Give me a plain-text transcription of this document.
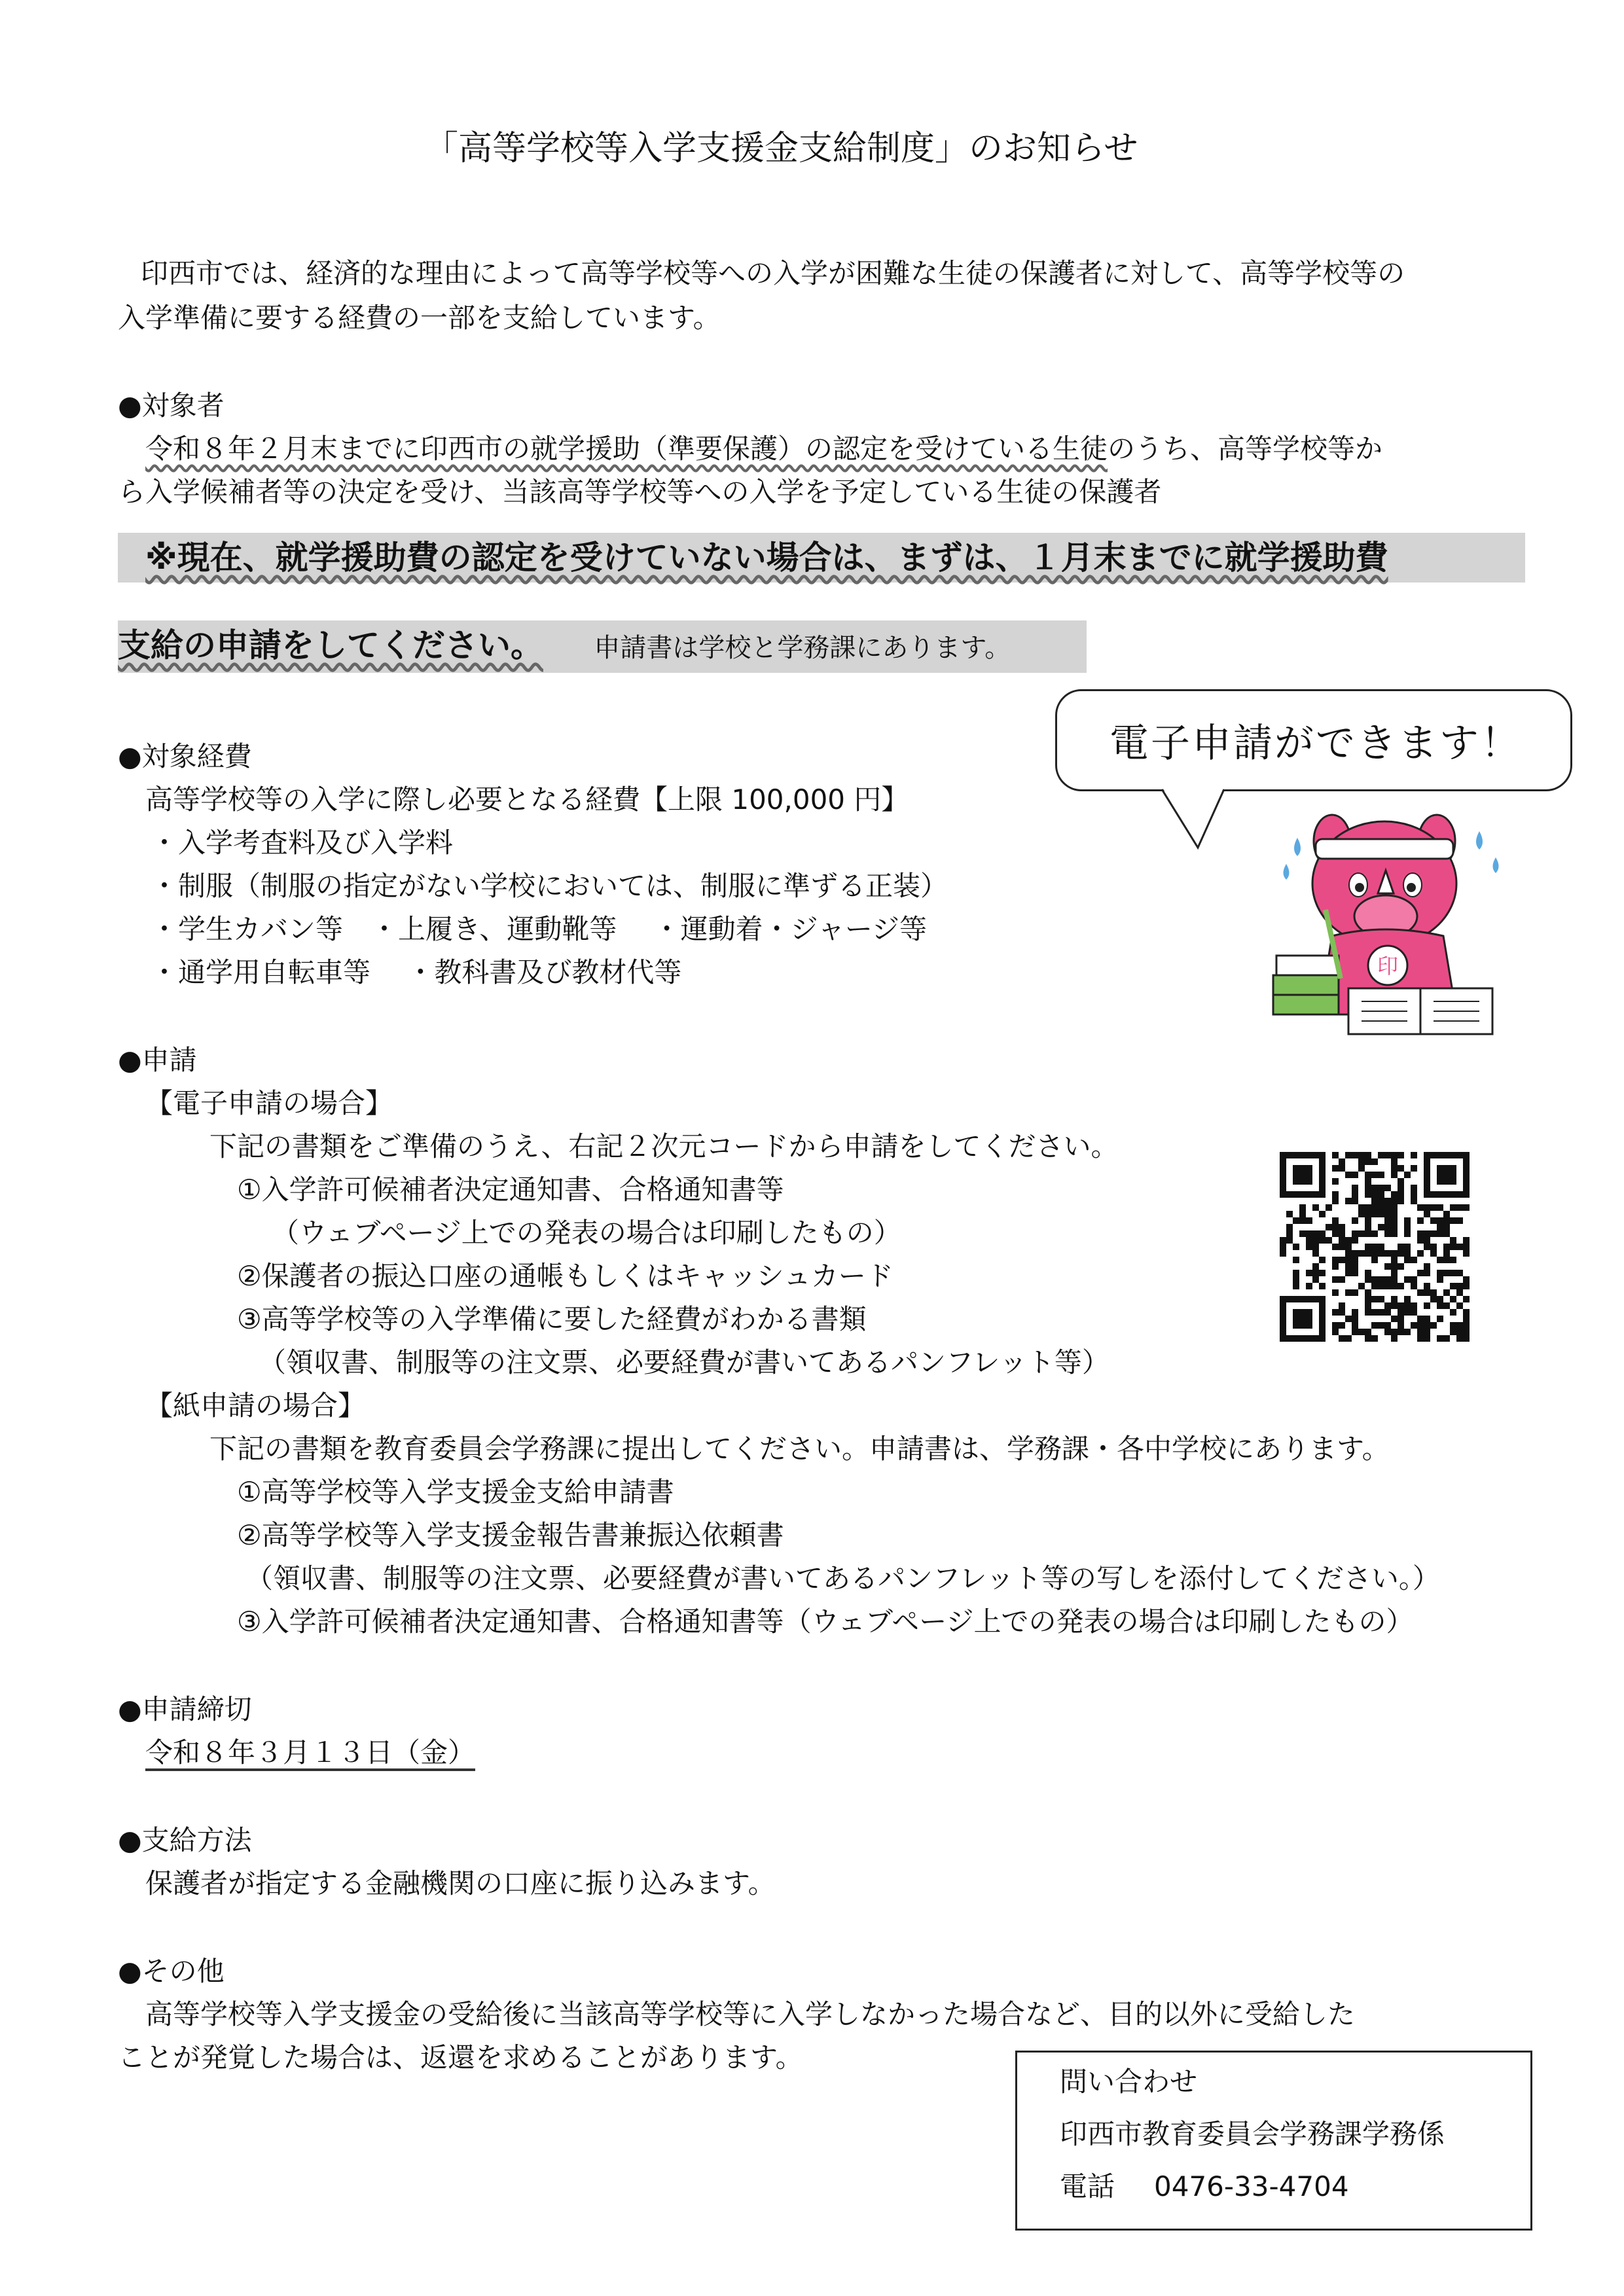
「高等学校等入学支援金支給制度」のお知らせ
印西市では、経済的な理由によって高等学校等への入学が困難な生徒の保護者に対して、高等学校等の
入学準備に要する経費の一部を支給しています。
●対象者
令和８年２月末までに印西市の就学援助（準要保護）の認定を受けている生徒のうち、高等学校等か
ら入学候補者等の決定を受け、当該高等学校等への入学を予定している生徒の保護者
※現在、就学援助費の認定を受けていない場合は、まずは、１月末までに就学援助費
支給の申請をしてください。 申請書は学校と学務課にあります。
電子申請ができます！
印
●対象経費
高等学校等の入学に際し必要となる経費【上限 100,000 円】
・入学考査料及び入学料
・制服（制服の指定がない学校においては、制服に準ずる正装）
・学生カバン等　・上履き、運動靴等　 ・運動着・ジャージ等
・通学用自転車等　 ・教科書及び教材代等
●申請
【電子申請の場合】
下記の書類をご準備のうえ、右記２次元コードから申請をしてください。
①入学許可候補者決定通知書、合格通知書等
（ウェブページ上での発表の場合は印刷したもの）
②保護者の振込口座の通帳もしくはキャッシュカード
③高等学校等の入学準備に要した経費がわかる書類
（領収書、制服等の注文票、必要経費が書いてあるパンフレット等）
【紙申請の場合】
下記の書類を教育委員会学務課に提出してください。申請書は、学務課・各中学校にあります。
①高等学校等入学支援金支給申請書
②高等学校等入学支援金報告書兼振込依頼書
（領収書、制服等の注文票、必要経費が書いてあるパンフレット等の写しを添付してください。）
③入学許可候補者決定通知書、合格通知書等（ウェブページ上での発表の場合は印刷したもの）
●申請締切
令和８年３月１３日（金）
●支給方法
保護者が指定する金融機関の口座に振り込みます。
●その他
高等学校等入学支援金の受給後に当該高等学校等に入学しなかった場合など、目的以外に受給した
ことが発覚した場合は、返還を求めることがあります。
問い合わせ
印西市教育委員会学務課学務係
電話 0476-33-4704
